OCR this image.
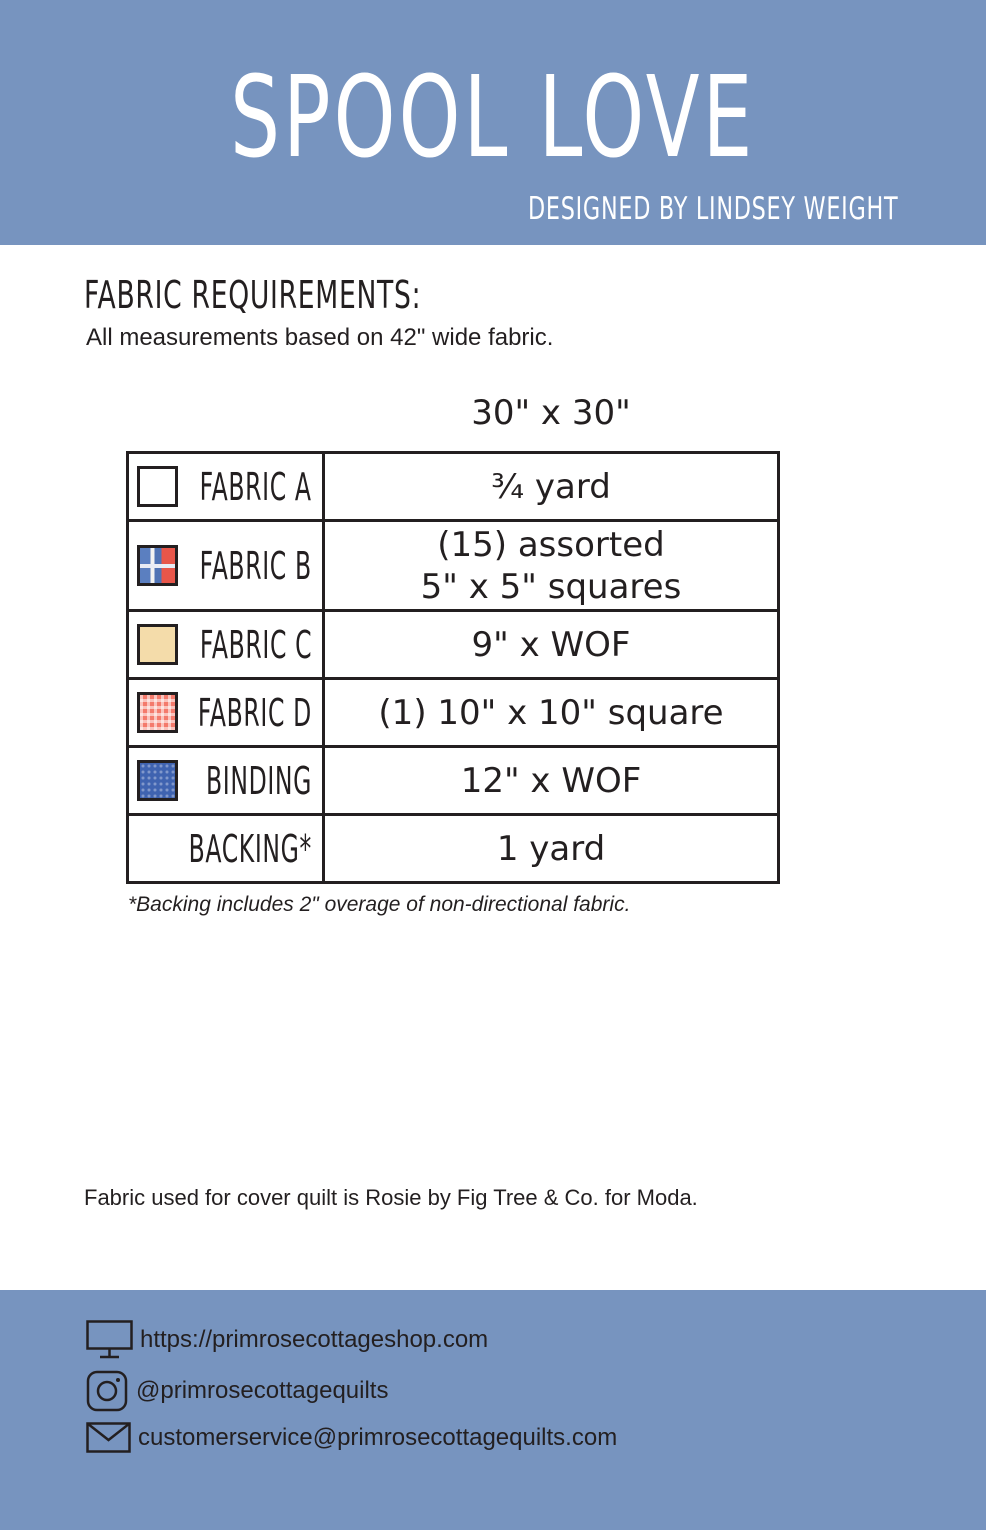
SPOOL LOVE
DESIGNED BY LINDSEY WEIGHT
FABRIC REQUIREMENTS:
All measurements based on 42" wide fabric.
30" x 30"
FABRIC A	¾ yard

FABRIC B	(15) assorted
5" x 5" squares

FABRIC C	9" x WOF

FABRIC D	(1) 10" x 10" square

BINDING	12" x WOF

BACKING*	1 yard
*Backing includes 2" overage of non-directional fabric.
Fabric used for cover quilt is Rosie by Fig Tree & Co. for Moda.
https://primrosecottageshop.com
@primrosecottagequilts
customerservice@primrosecottagequilts.com
